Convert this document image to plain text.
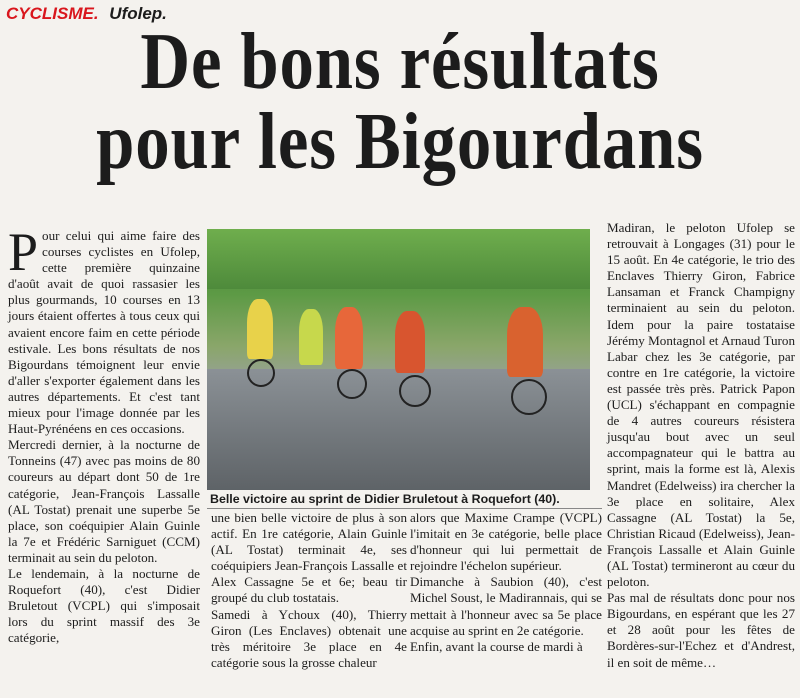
CYCLISME. Ufolep.
De bons résultats
pour les Bigourdans

Pour celui qui aime faire des courses cyclistes en Ufolep, cette première quinzaine d'août avait de quoi rassasier les plus gourmands, 10 courses en 13 jours étaient offertes à tous ceux qui avaient encore faim en cette période estivale. Les bons résultats de nos Bigourdans témoignent leur envie d'aller s'exporter également dans les autres départements. Et c'est tant mieux pour l'image donnée par les Haut-Pyrénéens en ces occasions.

Mercredi dernier, à la nocturne de Tonneins (47) avec pas moins de 80 coureurs au départ dont 50 de 1re catégorie, Jean-François Lassalle (AL Tostat) prenait une superbe 5e place, son coéquipier Alain Guinle la 7e et Frédéric Sarniguet (CCM) terminait au sein du peloton.

Le lendemain, à la nocturne de Roquefort (40), c'est Didier Bruletout (VCPL) qui s'imposait lors du sprint massif des 3e catégorie,

Belle victoire au sprint de Didier Bruletout à Roquefort (40).

une bien belle victoire de plus à son actif. En 1re catégorie, Alain Guinle (AL Tostat) terminait 4e, ses coéquipiers Jean-François Lassalle et Alex Cassagne 5e et 6e; beau tir groupé du club tostatais.

Samedi à Ychoux (40), Thierry Giron (Les Enclaves) obtenait une très méritoire 3e place en 4e catégorie sous la grosse chaleur

alors que Maxime Crampe (VCPL) l'imitait en 3e catégorie, belle place d'honneur qui lui permettait de rejoindre l'échelon supérieur.

Dimanche à Saubion (40), c'est Michel Soust, le Madirannais, qui se mettait à l'honneur avec sa 5e place acquise au sprint en 2e catégorie.

Enfin, avant la course de mardi à

Madiran, le peloton Ufolep se retrouvait à Longages (31) pour le 15 août. En 4e catégorie, le trio des Enclaves Thierry Giron, Fabrice Lansaman et Franck Champigny terminaient au sein du peloton. Idem pour la paire tostataise Jérémy Montagnol et Arnaud Turon Labar chez les 3e catégorie, par contre en 1re catégorie, la victoire est passée très près. Patrick Papon (UCL) s'échappant en compagnie de 4 autres coureurs résistera jusqu'au bout avec un seul accompagnateur qui le battra au sprint, mais la forme est là, Alexis Mandret (Edelweiss) ira chercher la 3e place en solitaire, Alex Cassagne (AL Tostat) la 5e, Christian Ricaud (Edelweiss), Jean-François Lassalle et Alain Guinle (AL Tostat) termineront au cœur du peloton.

Pas mal de résultats donc pour nos Bigourdans, en espérant que les 27 et 28 août pour les fêtes de Bordères-sur-l'Echez et d'Andrest, il en soit de même…
